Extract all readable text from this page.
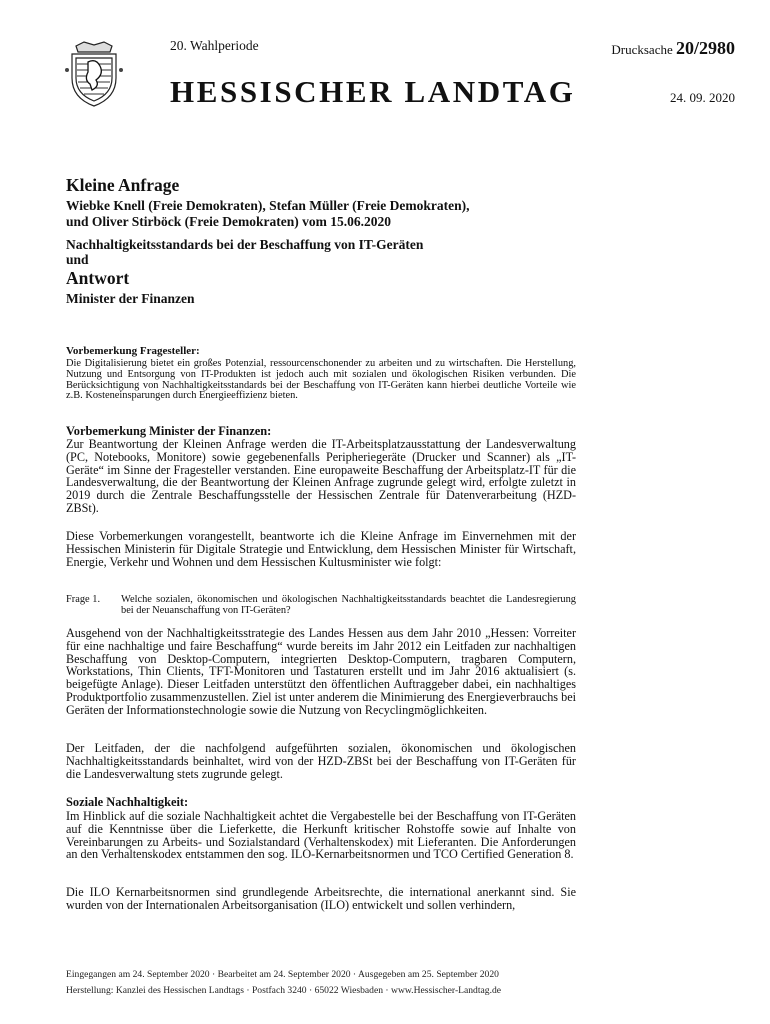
20. Wahlperiode
HESSISCHER LANDTAG
Drucksache 20/2980
24. 09. 2020
Kleine Anfrage
Wiebke Knell (Freie Demokraten), Stefan Müller (Freie Demokraten),
und Oliver Stirböck (Freie Demokraten) vom 15.06.2020
Nachhaltigkeitsstandards bei der Beschaffung von IT-Geräten
und
Antwort
Minister der Finanzen
Vorbemerkung Fragesteller:

Die Digitalisierung bietet ein großes Potenzial, ressourcenschonender zu arbeiten und zu wirtschaften. Die Herstellung, Nutzung und Entsorgung von IT-Produkten ist jedoch auch mit sozialen und ökologischen Risiken verbunden. Die Berücksichtigung von Nachhaltigkeitsstandards bei der Beschaffung von IT-Geräten kann hierbei deutliche Vorteile wie z.B. Kosteneinsparungen durch Energieeffizienz bieten.

Vorbemerkung Minister der Finanzen:

Zur Beantwortung der Kleinen Anfrage werden die IT-Arbeitsplatzausstattung der Landesverwaltung (PC, Notebooks, Monitore) sowie gegebenenfalls Peripheriegeräte (Drucker und Scanner) als „IT-Geräte“ im Sinne der Fragesteller verstanden. Eine europaweite Beschaffung der Arbeitsplatz-IT für die Landesverwaltung, die der Beantwortung der Kleinen Anfrage zugrunde gelegt wird, erfolgte zuletzt in 2019 durch die Zentrale Beschaffungsstelle der Hessischen Zentrale für Datenverarbeitung (HZD-ZBSt).

Diese Vorbemerkungen vorangestellt, beantworte ich die Kleine Anfrage im Einvernehmen mit der Hessischen Ministerin für Digitale Strategie und Entwicklung, dem Hessischen Minister für Wirtschaft, Energie, Verkehr und Wohnen und dem Hessischen Kultusminister wie folgt:

Frage 1. Welche sozialen, ökonomischen und ökologischen Nachhaltigkeitsstandards beachtet die Landesregierung bei der Neuanschaffung von IT-Geräten?

Ausgehend von der Nachhaltigkeitsstrategie des Landes Hessen aus dem Jahr 2010 „Hessen: Vorreiter für eine nachhaltige und faire Beschaffung“ wurde bereits im Jahr 2012 ein Leitfaden zur nachhaltigen Beschaffung von Desktop-Computern, integrierten Desktop-Computern, tragbaren Computern, Workstations, Thin Clients, TFT-Monitoren und Tastaturen erstellt und im Jahr 2016 aktualisiert (s. beigefügte Anlage). Dieser Leitfaden unterstützt den öffentlichen Auftraggeber dabei, ein nachhaltiges Produktportfolio zusammenzustellen. Ziel ist unter anderem die Minimierung des Energieverbrauchs bei Geräten der Informationstechnologie sowie die Nutzung von Recyclingmöglichkeiten.

Der Leitfaden, der die nachfolgend aufgeführten sozialen, ökonomischen und ökologischen Nachhaltigkeitsstandards beinhaltet, wird von der HZD-ZBSt bei der Beschaffung von IT-Geräten für die Landesverwaltung stets zugrunde gelegt.

Soziale Nachhaltigkeit:

Im Hinblick auf die soziale Nachhaltigkeit achtet die Vergabestelle bei der Beschaffung von IT-Geräten auf die Kenntnisse über die Lieferkette, die Herkunft kritischer Rohstoffe sowie auf Inhalte von Vereinbarungen zu Arbeits- und Sozialstandard (Verhaltenskodex) mit Lieferanten. Die Anforderungen an den Verhaltenskodex entstammen den sog. ILO-Kernarbeitsnormen und TCO Certified Generation 8.

Die ILO Kernarbeitsnormen sind grundlegende Arbeitsrechte, die international anerkannt sind. Sie wurden von der Internationalen Arbeitsorganisation (ILO) entwickelt und sollen verhindern,

Eingegangen am 24. September 2020 · Bearbeitet am 24. September 2020 · Ausgegeben am 25. September 2020
Herstellung: Kanzlei des Hessischen Landtags · Postfach 3240 · 65022 Wiesbaden · www.Hessischer-Landtag.de
